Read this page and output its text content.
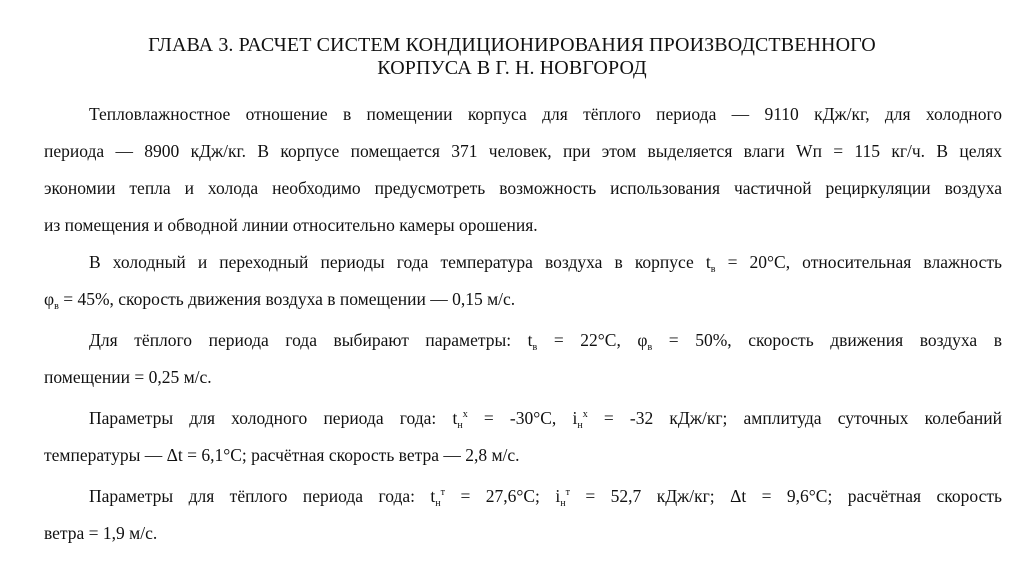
ГЛАВА 3. РАСЧЕТ СИСТЕМ КОНДИЦИОНИРОВАНИЯ ПРОИЗВОДСТВЕННОГО
КОРПУСА В Г. Н. НОВГОРОД
Тепловлажностное отношение в помещении корпуса для тёплого периода — 9110 кДж/кг, для холодного
периода — 8900 кДж/кг. В корпусе помещается 371 человек, при этом выделяется влаги Wп = 115 кг/ч. В целях
экономии тепла и холода необходимо предусмотреть возможность использования частичной рециркуляции воздуха
из помещения и обводной линии относительно камеры орошения.
В холодный и переходный периоды года температура воздуха в корпусе $t_в = 20^\circ C$, относительная влажность
$\varphi_в = 45\%$, скорость движения воздуха в помещении — 0,15 м/с.
Для тёплого периода года выбирают параметры: $t_в = 22^\circ C$, $\varphi_в = 50\%$, скорость движения воздуха в
помещении = 0,25 м/с.
Параметры для холодного периода года: $t_н^х = -30^\circ C$, $i_н^х = -32$ кДж/кг; амплитуда суточных колебаний
температуры — Δt = 6,1°C; расчётная скорость ветра — 2,8 м/с.
Параметры для тёплого периода года: $t_н^т = 27,6^\circ C$; $i_н^т = 52,7$ кДж/кг; Δt = 9,6°C; расчётная скорость
ветра = 1,9 м/с.
